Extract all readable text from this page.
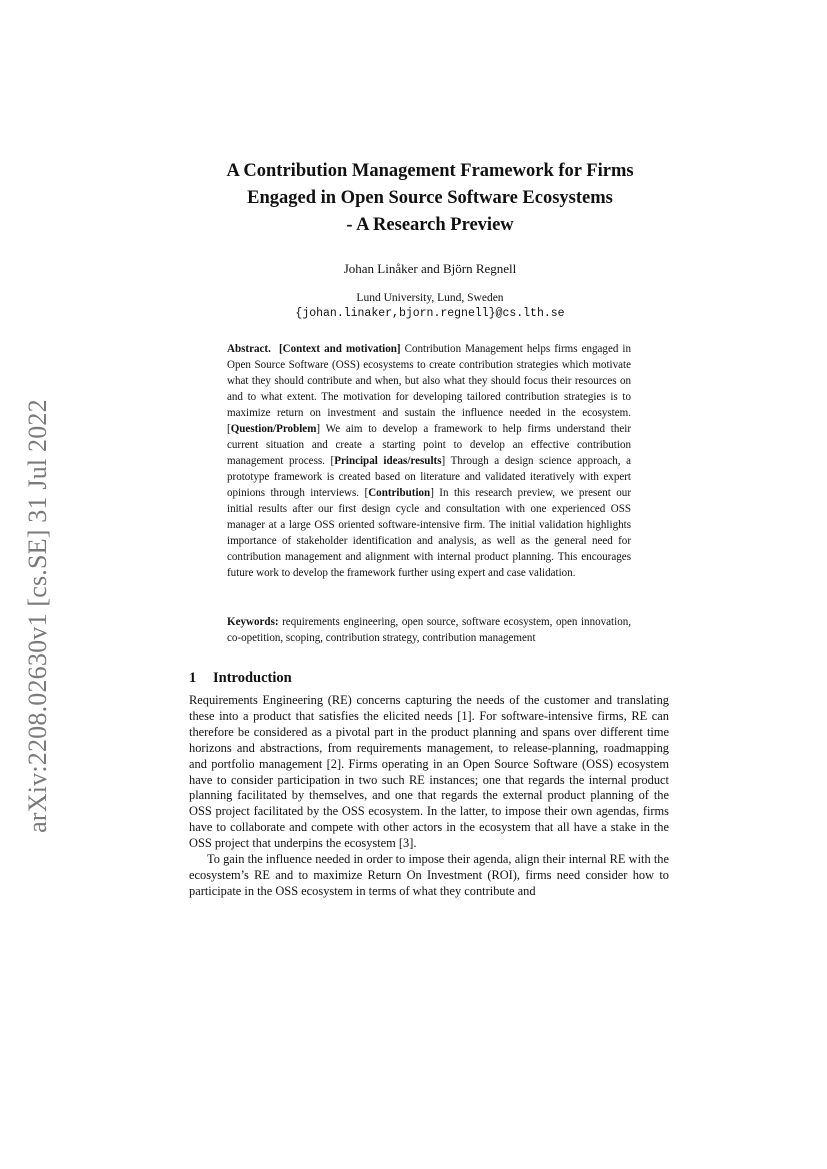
arXiv:2208.02630v1 [cs.SE] 31 Jul 2022
A Contribution Management Framework for Firms
Engaged in Open Source Software Ecosystems
- A Research Preview
Johan Linåker and Björn Regnell
Lund University, Lund, Sweden
{johan.linaker,bjorn.regnell}@cs.lth.se
Abstract. [Context and motivation] Contribution Management helps firms engaged in Open Source Software (OSS) ecosystems to create contribution strategies which motivate what they should contribute and when, but also what they should focus their resources on and to what extent. The motivation for developing tailored contribution strategies is to maximize return on investment and sustain the influence needed in the ecosystem. [Question/Problem] We aim to develop a framework to help firms understand their current situation and create a starting point to develop an effective contribution management process. [Principal ideas/results] Through a design science approach, a prototype framework is created based on literature and validated iteratively with expert opinions through interviews. [Contribution] In this research preview, we present our initial results after our first design cycle and consultation with one experienced OSS manager at a large OSS oriented software-intensive firm. The initial validation highlights importance of stakeholder identification and analysis, as well as the general need for contribution management and alignment with internal product planning. This encourages future work to develop the framework further using expert and case validation.
Keywords: requirements engineering, open source, software ecosystem, open innovation, co-opetition, scoping, contribution strategy, contribution management
1 Introduction

Requirements Engineering (RE) concerns capturing the needs of the customer and translating these into a product that satisfies the elicited needs [1]. For software-intensive firms, RE can therefore be considered as a pivotal part in the product planning and spans over different time horizons and abstractions, from requirements management, to release-planning, roadmapping and portfolio management [2]. Firms operating in an Open Source Software (OSS) ecosystem have to consider participation in two such RE instances; one that regards the internal product planning facilitated by themselves, and one that regards the external product planning of the OSS project facilitated by the OSS ecosystem. In the latter, to impose their own agendas, firms have to collaborate and compete with other actors in the ecosystem that all have a stake in the OSS project that underpins the ecosystem [3].

To gain the influence needed in order to impose their agenda, align their internal RE with the ecosystem’s RE and to maximize Return On Investment (ROI), firms need consider how to participate in the OSS ecosystem in terms of what they contribute and
